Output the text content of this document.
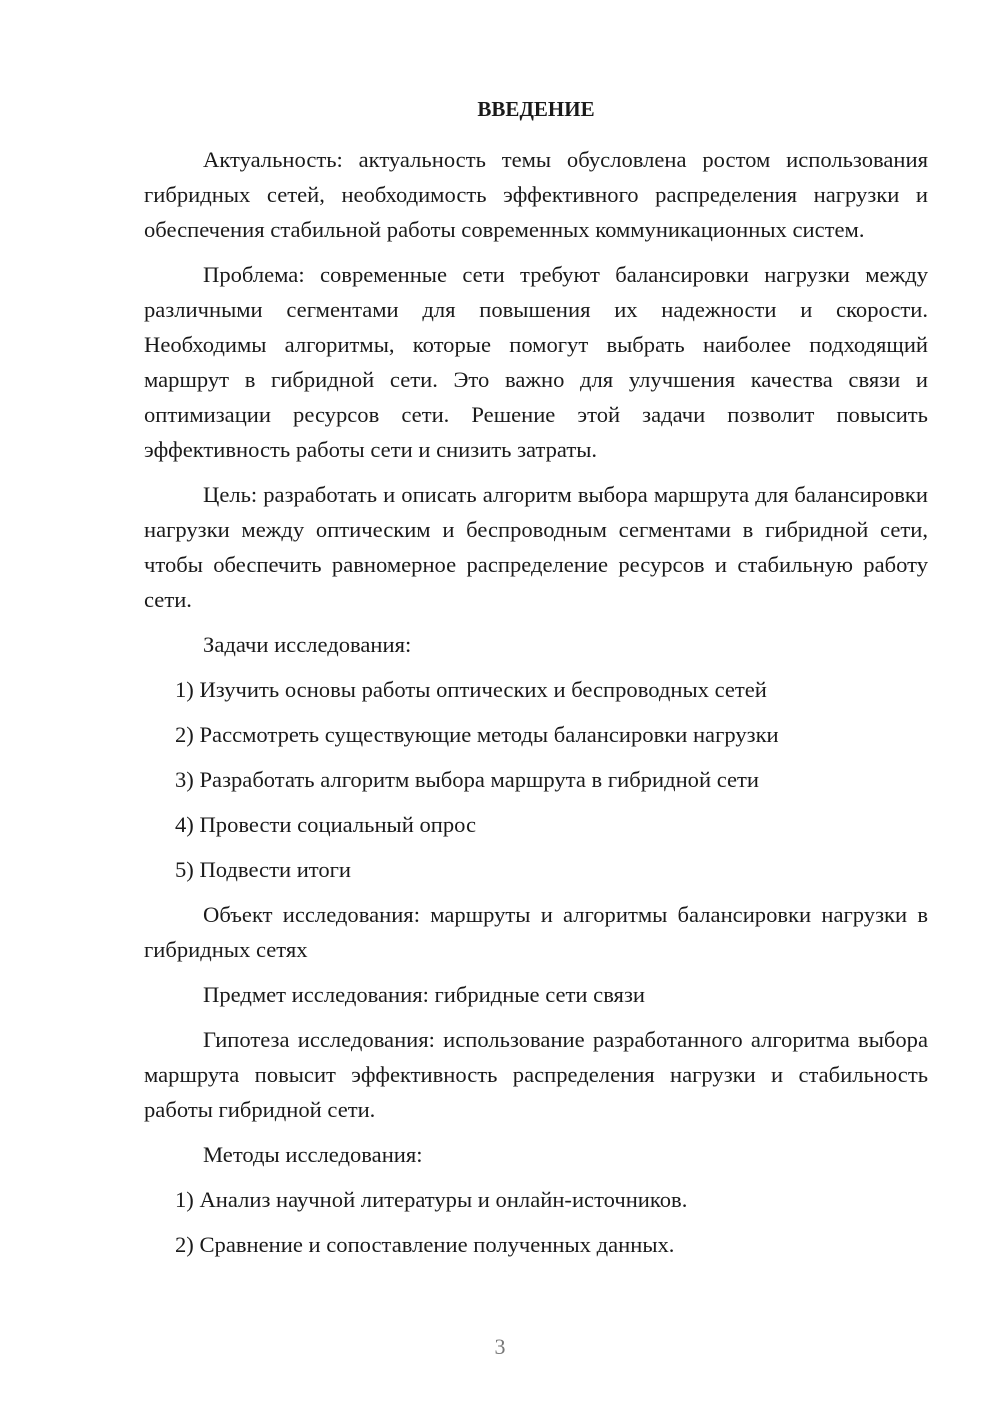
ВВЕДЕНИЕ

Актуальность: актуальность темы обусловлена ростом использования гибридных сетей, необходимость эффективного распределения нагрузки и обеспечения стабильной работы современных коммуникационных систем.

Проблема: современные сети требуют балансировки нагрузки между различными сегментами для повышения их надежности и скорости. Необходимы алгоритмы, которые помогут выбрать наиболее подходящий маршрут в гибридной сети. Это важно для улучшения качества связи и оптимизации ресурсов сети. Решение этой задачи позволит повысить эффективность работы сети и снизить затраты.

Цель: разработать и описать алгоритм выбора маршрута для балансировки нагрузки между оптическим и беспроводным сегментами в гибридной сети, чтобы обеспечить равномерное распределение ресурсов и стабильную работу сети.

Задачи исследования:

1) Изучить основы работы оптических и беспроводных сетей

2) Рассмотреть существующие методы балансировки нагрузки

3) Разработать алгоритм выбора маршрута в гибридной сети

4) Провести социальный опрос

5) Подвести итоги

Объект исследования: маршруты и алгоритмы балансировки нагрузки в гибридных сетях

Предмет исследования: гибридные сети связи

Гипотеза исследования: использование разработанного алгоритма выбора маршрута повысит эффективность распределения нагрузки и стабильность работы гибридной сети.

Методы исследования:

1) Анализ научной литературы и онлайн-источников.

2) Сравнение и сопоставление полученных данных.

3
